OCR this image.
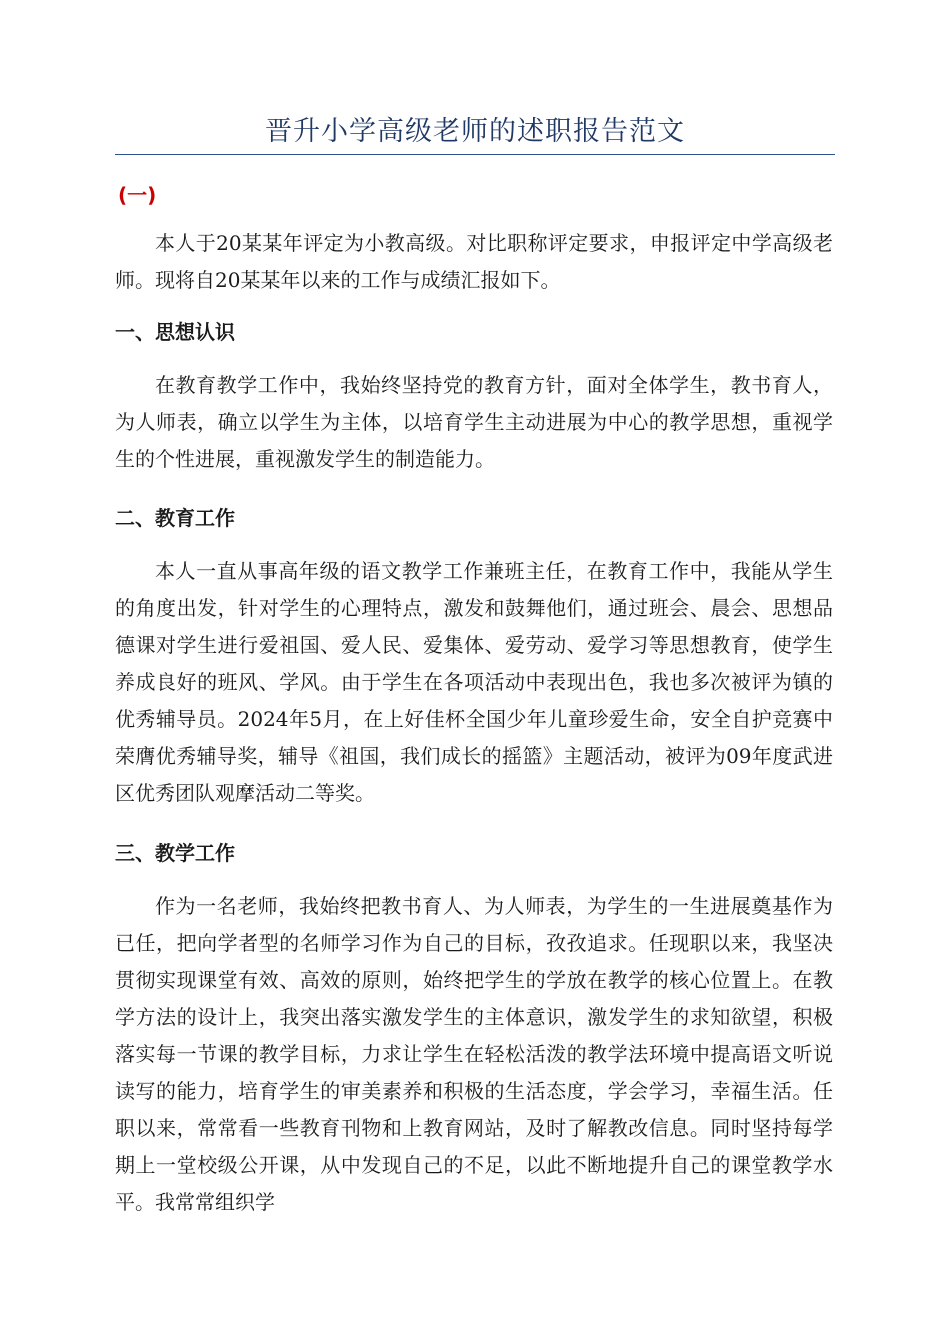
晋升小学高级老师的述职报告范文
(一)

本人于20某某年评定为小教高级。对比职称评定要求，申报评定中学高级老师。现将自20某某年以来的工作与成绩汇报如下。

一、思想认识

在教育教学工作中，我始终坚持党的教育方针，面对全体学生，教书育人，为人师表，确立以学生为主体，以培育学生主动进展为中心的教学思想，重视学生的个性进展，重视激发学生的制造能力。

二、教育工作

本人一直从事高年级的语文教学工作兼班主任，在教育工作中，我能从学生的角度出发，针对学生的心理特点，激发和鼓舞他们，通过班会、晨会、思想品德课对学生进行爱祖国、爱人民、爱集体、爱劳动、爱学习等思想教育，使学生养成良好的班风、学风。由于学生在各项活动中表现出色，我也多次被评为镇的优秀辅导员。2024年5月，在上好佳杯全国少年儿童珍爱生命，安全自护竞赛中荣膺优秀辅导奖，辅导《祖国，我们成长的摇篮》主题活动，被评为09年度武进区优秀团队观摩活动二等奖。

三、教学工作

作为一名老师，我始终把教书育人、为人师表，为学生的一生进展奠基作为已任，把向学者型的名师学习作为自己的目标，孜孜追求。任现职以来，我坚决贯彻实现课堂有效、高效的原则，始终把学生的学放在教学的核心位置上。在教学方法的设计上，我突出落实激发学生的主体意识，激发学生的求知欲望，积极落实每一节课的教学目标，力求让学生在轻松活泼的教学法环境中提高语文听说读写的能力，培育学生的审美素养和积极的生活态度，学会学习，幸福生活。任职以来，常常看一些教育刊物和上教育网站，及时了解教改信息。同时坚持每学期上一堂校级公开课，从中发现自己的不足，以此不断地提升自己的课堂教学水平。我常常组织学
